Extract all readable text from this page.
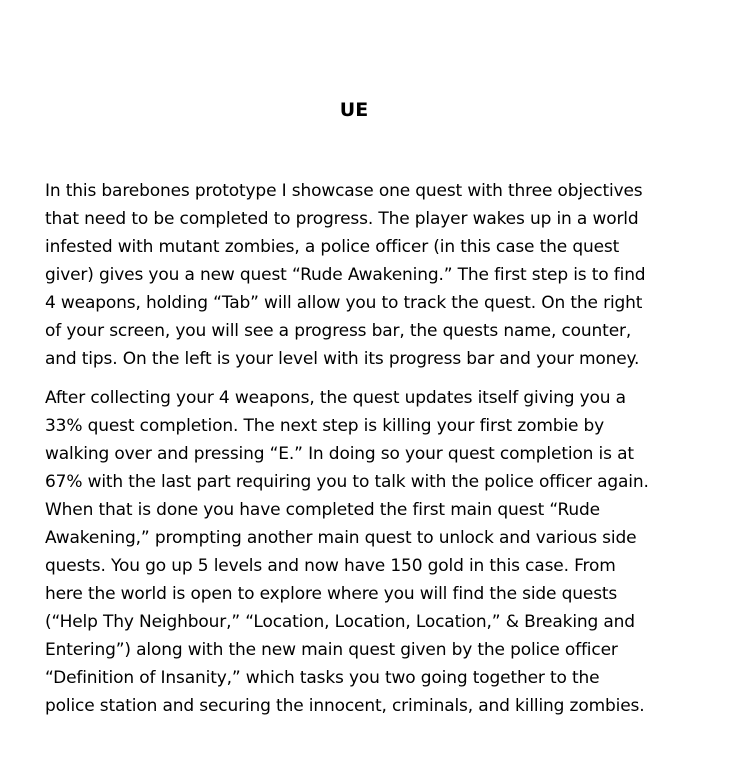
UE

In this barebones prototype I showcase one quest with three objectives
that need to be completed to progress. The player wakes up in a world
infested with mutant zombies, a police officer (in this case the quest
giver) gives you a new quest “Rude Awakening.” The first step is to find
4 weapons, holding “Tab” will allow you to track the quest. On the right
of your screen, you will see a progress bar, the quests name, counter,
and tips. On the left is your level with its progress bar and your money.

After collecting your 4 weapons, the quest updates itself giving you a
33% quest completion. The next step is killing your first zombie by
walking over and pressing “E.” In doing so your quest completion is at
67% with the last part requiring you to talk with the police officer again.
When that is done you have completed the first main quest “Rude
Awakening,” prompting another main quest to unlock and various side
quests. You go up 5 levels and now have 150 gold in this case. From
here the world is open to explore where you will find the side quests
(“Help Thy Neighbour,” “Location, Location, Location,” & Breaking and
Entering”) along with the new main quest given by the police officer
“Definition of Insanity,” which tasks you two going together to the
police station and securing the innocent, criminals, and killing zombies.
